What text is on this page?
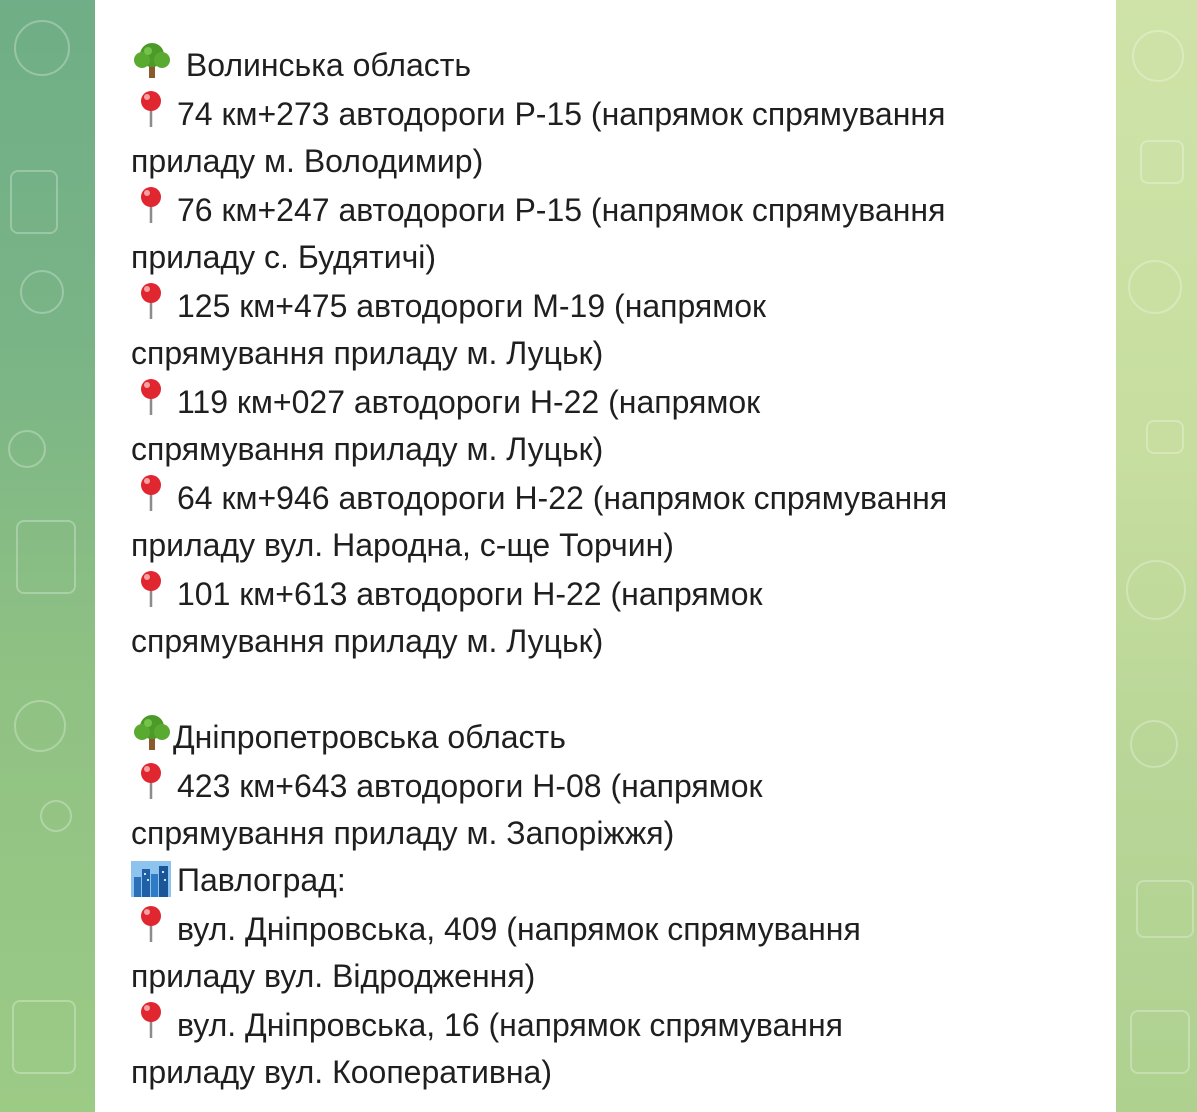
Волинська область
74 км+273 автодороги Р-15 (напрямок спрямування
приладу м. Володимир)
76 км+247 автодороги Р-15 (напрямок спрямування
приладу с. Будятичі)
125 км+475 автодороги М-19 (напрямок
спрямування приладу м. Луцьк)
119 км+027 автодороги Н-22 (напрямок
спрямування приладу м. Луцьк)
64 км+946 автодороги Н-22 (напрямок спрямування
приладу вул. Народна, с-ще Торчин)
101 км+613 автодороги Н-22 (напрямок
спрямування приладу м. Луцьк)
Дніпропетровська область
423 км+643 автодороги Н-08 (напрямок
спрямування приладу м. Запоріжжя)
Павлоград:
вул. Дніпровська, 409 (напрямок спрямування
приладу вул. Відродження)
вул. Дніпровська, 16 (напрямок спрямування
приладу вул. Кооперативна)
